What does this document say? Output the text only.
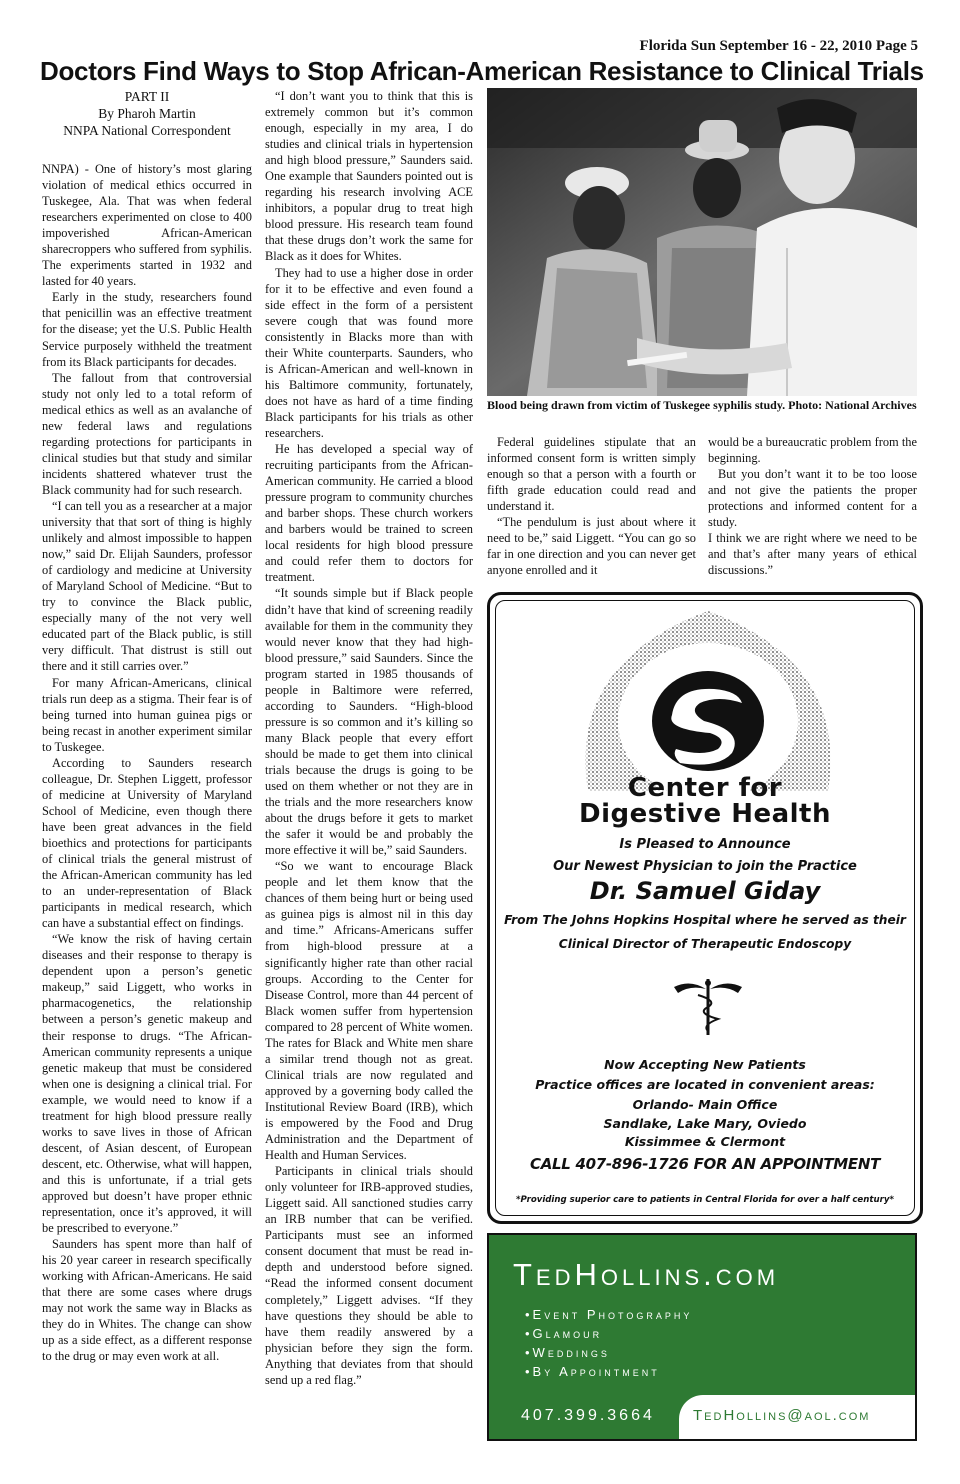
Florida Sun September 16 - 22, 2010 Page 5
Doctors Find Ways to Stop African-American Resistance to Clinical Trials
PART II
By Pharoh Martin
NNPA National Correspondent

NNPA) - One of history’s most glaring violation of medical ethics occurred in Tuskegee, Ala. That was when federal researchers experimented on close to 400 impoverished African-American sharecroppers who suffered from syphilis. The experiments started in 1932 and lasted for 40 years.

Early in the study, researchers found that penicillin was an effective treatment for the disease; yet the U.S. Public Health Service purposely withheld the treatment from its Black participants for decades.

The fallout from that controversial study not only led to a total reform of medical ethics as well as an avalanche of new federal laws and regulations regarding protections for participants in clinical studies but that study and similar incidents shattered whatever trust the Black community had for such research.

“I can tell you as a researcher at a major university that that sort of thing is highly unlikely and almost impossible to happen now,” said Dr. Elijah Saunders, professor of cardiology and medicine at University of Maryland School of Medicine. “But to try to convince the Black public, especially many of the not very well educated part of the Black public, is still very difficult. That distrust is still out there and it still carries over.”

For many African-Americans, clinical trials run deep as a stigma. Their fear is of being turned into human guinea pigs or being recast in another experiment similar to Tuskegee.

According to Saunders research colleague, Dr. Stephen Liggett, professor of medicine at University of Maryland School of Medicine, even though there have been great advances in the field bioethics and protections for participants of clinical trials the general mistrust of the African-American community has led to an under-representation of Black participants in medical research, which can have a substantial effect on findings.

“We know the risk of having certain diseases and their response to therapy is dependent upon a person’s genetic makeup,” said Liggett, who works in pharmacogenetics, the relationship between a person’s genetic makeup and their response to drugs. “The African-American community represents a unique genetic makeup that must be considered when one is designing a clinical trial. For example, we would need to know if a treatment for high blood pressure really works to save lives in those of African descent, of Asian descent, of European descent, etc. Otherwise, what will happen, and this is unfortunate, if a trial gets approved but doesn’t have proper ethnic representation, once it’s approved, it will be prescribed to everyone.”

Saunders has spent more than half of his 20 year career in research specifically working with African-Americans. He said that there are some cases where drugs may not work the same way in Blacks as they do in Whites. The change can show up as a side effect, as a different response to the drug or may even work at all.

“I don’t want you to think that this is extremely common but it’s common enough, especially in my area, I do studies and clinical trials in hypertension and high blood pressure,” Saunders said. One example that Saunders pointed out is regarding his research involving ACE inhibitors, a popular drug to treat high blood pressure. His research team found that these drugs don’t work the same for Black as it does for Whites.

They had to use a higher dose in order for it to be effective and even found a side effect in the form of a persistent severe cough that was found more consistently in Blacks more than with their White counterparts. Saunders, who is African-American and well-known in his Baltimore community, fortunately, does not have as hard of a time finding Black participants for his trials as other researchers.

He has developed a special way of recruiting participants from the African-American community. He carried a blood pressure program to community churches and barber shops. These church workers and barbers would be trained to screen local residents for high blood pressure and could refer them to doctors for treatment.

“It sounds simple but if Black people didn’t have that kind of screening readily available for them in the community they would never know that they had high-blood pressure,” said Saunders. Since the program started in 1985 thousands of people in Baltimore were referred, according to Saunders. “High-blood pressure is so common and it’s killing so many Black people that every effort should be made to get them into clinical trials because the drugs is going to be used on them whether or not they are in the trials and the more researchers know about the drugs before it gets to market the safer it would be and probably the more effective it will be,” said Saunders.

“So we want to encourage Black people and let them know that the chances of them being hurt or being used as guinea pigs is almost nil in this day and time.” Africans-Americans suffer from high-blood pressure at a significantly higher rate than other racial groups. According to the Center for Disease Control, more than 44 percent of Black women suffer from hypertension compared to 28 percent of White women. The rates for Black and White men share a similar trend though not as great. Clinical trials are now regulated and approved by a governing body called the Institutional Review Board (IRB), which is empowered by the Food and Drug Administration and the Department of Health and Human Services.

Participants in clinical trials should only volunteer for IRB-approved studies, Liggett said. All sanctioned studies carry an IRB number that can be verified. Participants must see an informed consent document that must be read in-depth and understood before signed. “Read the informed consent document completely,” Liggett advises. “If they have questions they should be able to have them readily answered by a physician before they sign the form. Anything that deviates from that should send up a red flag.”

Blood being drawn from victim of Tuskegee syphilis study. Photo: National Archives

Federal guidelines stipulate that an informed consent form is written simply enough so that a person with a fourth or fifth grade education could read and understand it.

“The pendulum is just about where it need to be,” said Liggett. “You can go so far in one direction and you can never get anyone enrolled and it

would be a bureaucratic problem from the beginning.

But you don’t want it to be too loose and not give the patients the proper protections and informed content for a study.

I think we are right where we need to be and that’s after many years of ethical discussions.”

Center for
Digestive Health
Is Pleased to Announce
Our Newest Physician to join the Practice
Dr. Samuel Giday
From The Johns Hopkins Hospital where he served as their
Clinical Director of Therapeutic Endoscopy
Now Accepting New Patients
Practice offices are located in convenient areas:
Orlando- Main Office
Sandlake, Lake Mary, Oviedo
Kissimmee & Clermont
CALL 407-896-1726 FOR AN APPOINTMENT
*Providing superior care to patients in Central Florida for over a half century*
TedHollins.com
•Event Photography
•Glamour
•Weddings
•By Appointment
407.399.3664	TedHollins@aol.com
